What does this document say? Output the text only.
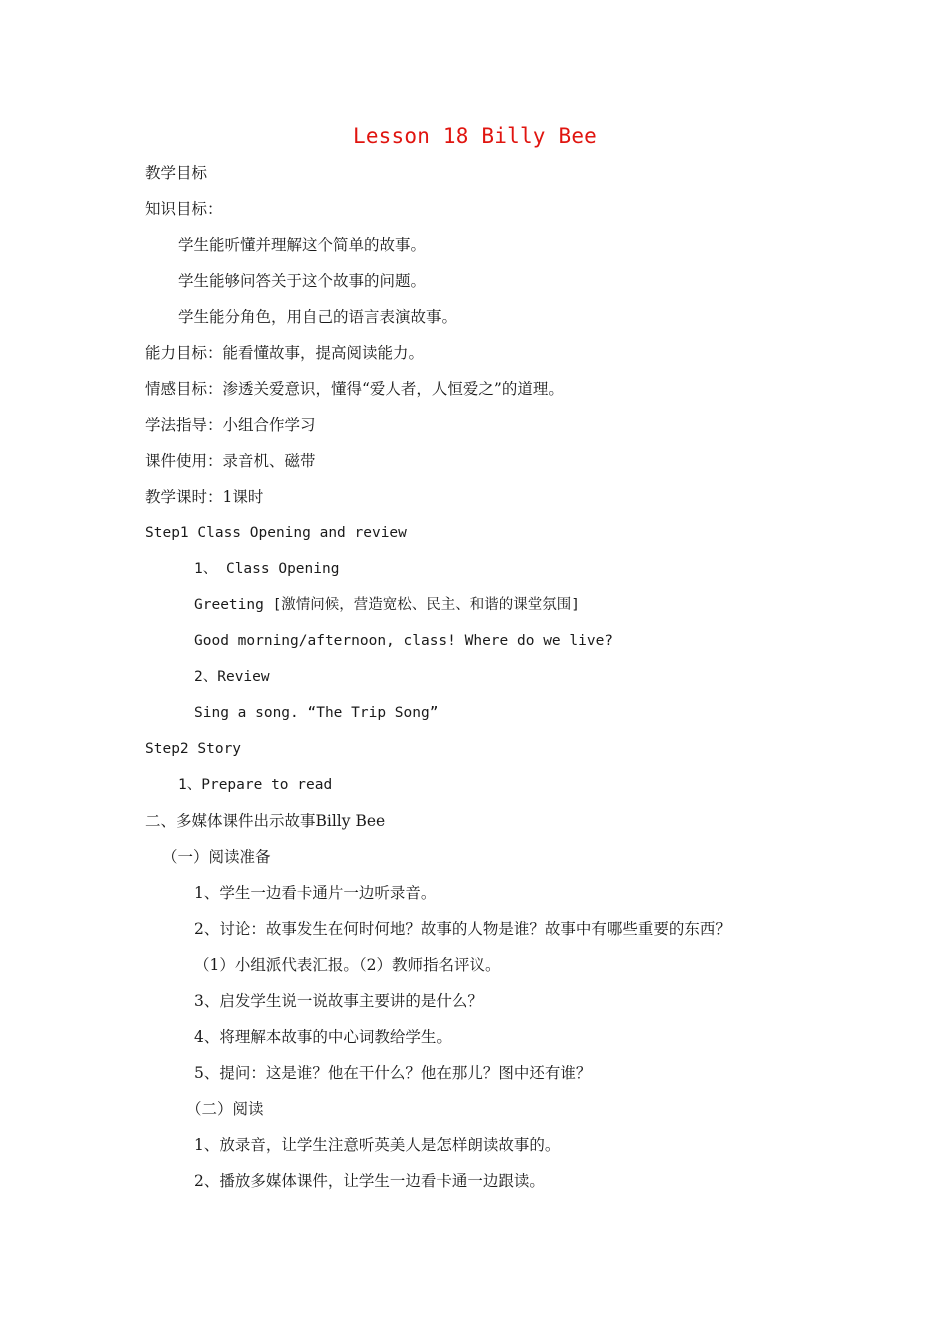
Lesson 18 Billy Bee
教学目标
知识目标：
学生能听懂并理解这个简单的故事。
学生能够问答关于这个故事的问题。
学生能分角色，用自己的语言表演故事。
能力目标：能看懂故事，提高阅读能力。
情感目标：渗透关爱意识，懂得“爱人者，人恒爱之”的道理。
学法指导：小组合作学习
课件使用：录音机、磁带
教学课时：1课时
Step1 Class Opening and review
1、 Class Opening
Greeting [激情问候，营造宽松、民主、和谐的课堂氛围]
Good morning/afternoon, class! Where do we live?
2、Review
Sing a song. “The Trip Song”
Step2 Story
1、Prepare to read
二、多媒体课件出示故事Billy Bee
（一）阅读准备
1、学生一边看卡通片一边听录音。
2、讨论：故事发生在何时何地？故事的人物是谁？故事中有哪些重要的东西？
（1）小组派代表汇报。（2）教师指名评议。
3、启发学生说一说故事主要讲的是什么？
4、将理解本故事的中心词教给学生。
5、提问：这是谁？他在干什么？他在那儿？图中还有谁？
（二）阅读
1、放录音，让学生注意听英美人是怎样朗读故事的。
2、播放多媒体课件，让学生一边看卡通一边跟读。
